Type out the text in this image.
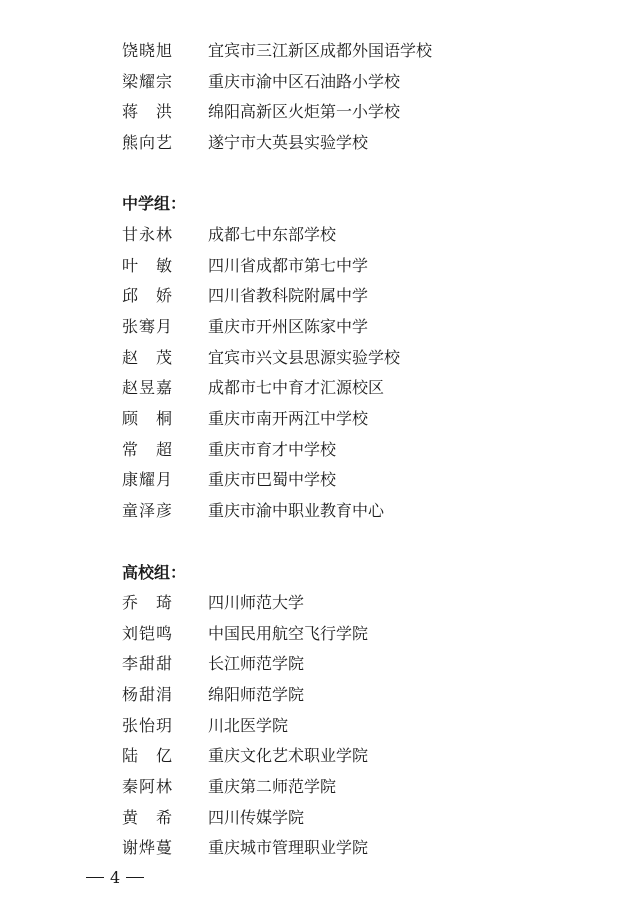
饶晓旭 宜宾市三江新区成都外国语学校
梁耀宗 重庆市渝中区石油路小学校
蒋　洪 绵阳高新区火炬第一小学校
熊向艺 遂宁市大英县实验学校
中学组：
甘永林 成都七中东部学校
叶　敏 四川省成都市第七中学
邱　娇 四川省教科院附属中学
张骞月 重庆市开州区陈家中学
赵　茂 宜宾市兴文县思源实验学校
赵昱嘉 成都市七中育才汇源校区
顾　桐 重庆市南开两江中学校
常　超 重庆市育才中学校
康耀月 重庆市巴蜀中学校
童泽彦 重庆市渝中职业教育中心
高校组：
乔　琦 四川师范大学
刘铠鸣 中国民用航空飞行学院
李甜甜 长江师范学院
杨甜涓 绵阳师范学院
张怡玥 川北医学院
陆　亿 重庆文化艺术职业学院
秦阿林 重庆第二师范学院
黄　希 四川传媒学院
谢烨蔓 重庆城市管理职业学院
4
